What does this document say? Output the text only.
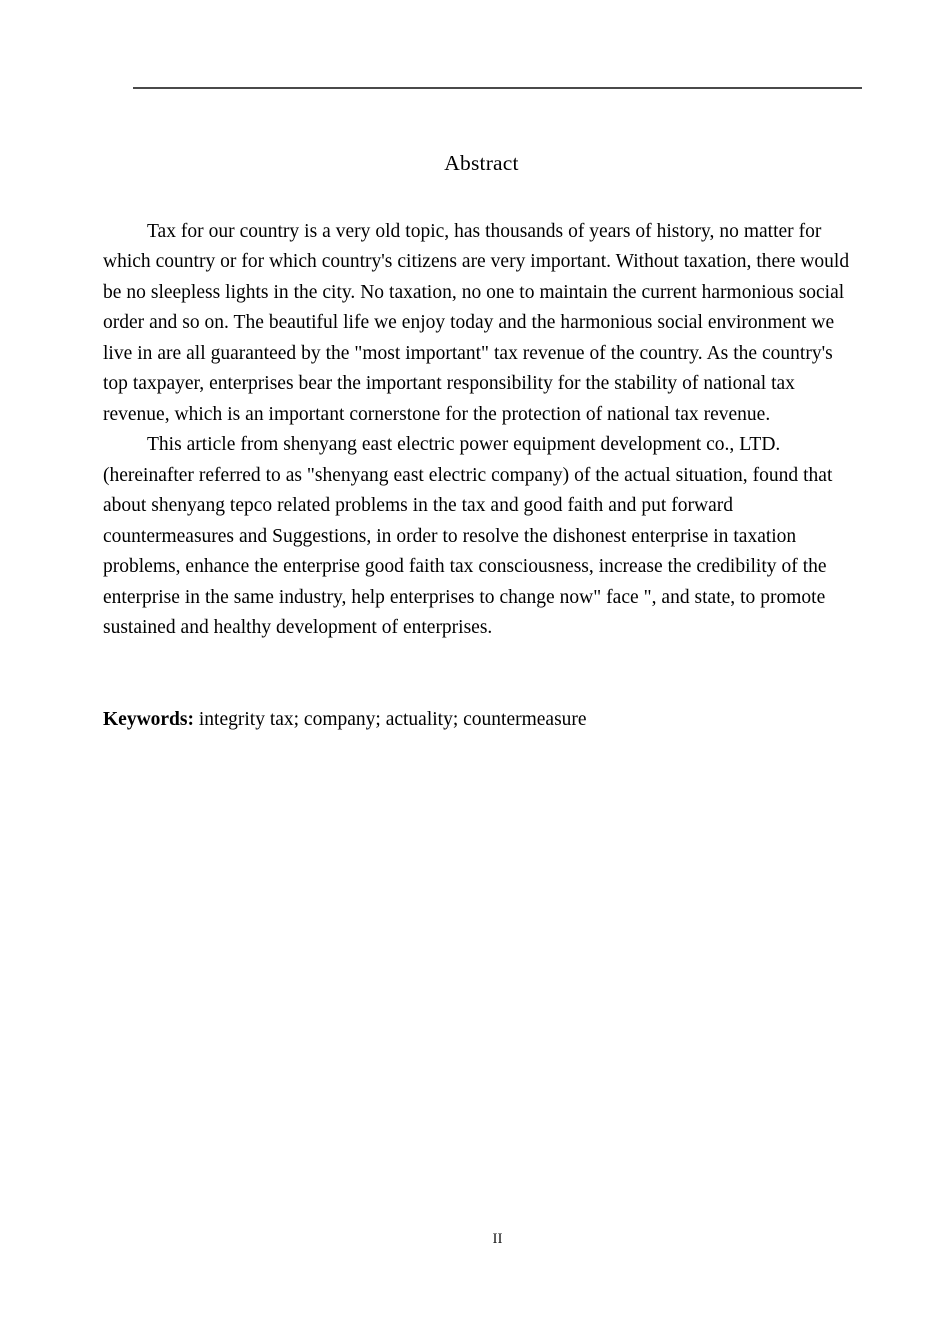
Abstract

Tax for our country is a very old topic, has thousands of years of history, no matter for which country or for which country's citizens are very important. Without taxation, there would be no sleepless lights in the city. No taxation, no one to maintain the current harmonious social order and so on. The beautiful life we enjoy today and the harmonious social environment we live in are all guaranteed by the "most important" tax revenue of the country. As the country's top taxpayer, enterprises bear the important responsibility for the stability of national tax revenue, which is an important cornerstone for the protection of national tax revenue.

This article from shenyang east electric power equipment development co., LTD. (hereinafter referred to as "shenyang east electric company) of the actual situation, found that about shenyang tepco related problems in the tax and good faith and put forward countermeasures and Suggestions, in order to resolve the dishonest enterprise in taxation problems, enhance the enterprise good faith tax consciousness, increase the credibility of the enterprise in the same industry, help enterprises to change now" face ", and state, to promote sustained and healthy development of enterprises.

Keywords: integrity tax; company; actuality; countermeasure
II
